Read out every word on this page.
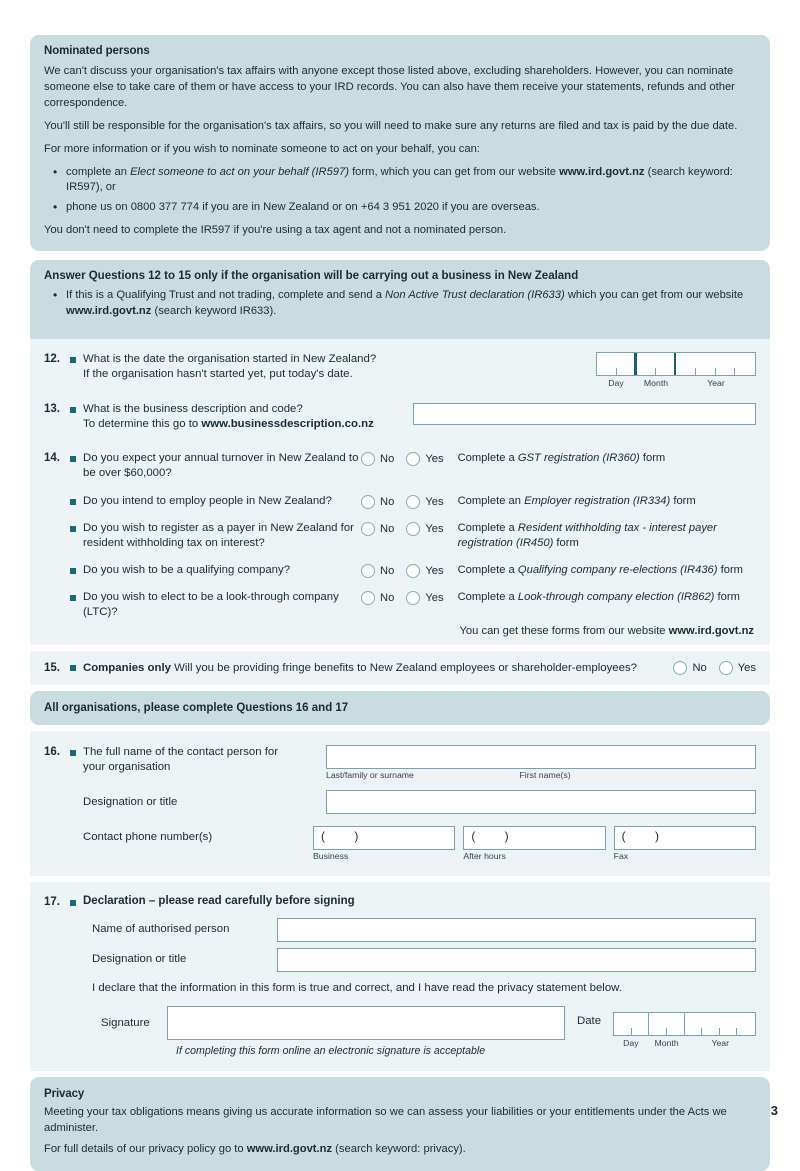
Nominated persons

We can't discuss your organisation's tax affairs with anyone except those listed above, excluding shareholders. However, you can nominate someone else to take care of them or have access to your IRD records. You can also have them receive your statements, refunds and other correspondence.

You'll still be responsible for the organisation's tax affairs, so you will need to make sure any returns are filed and tax is paid by the due date.

For more information or if you wish to nominate someone to act on your behalf, you can:

• complete an Elect someone to act on your behalf (IR597) form, which you can get from our website www.ird.govt.nz (search keyword: IR597), or
• phone us on 0800 377 774 if you are in New Zealand or on +64 3 951 2020 if you are overseas.

You don't need to complete the IR597 if you're using a tax agent and not a nominated person.

Answer Questions 12 to 15 only if the organisation will be carrying out a business in New Zealand
• If this is a Qualifying Trust and not trading, complete and send a Non Active Trust declaration (IR633) which you can get from our website www.ird.govt.nz (search keyword IR633).
12.	What is the date the organisation started in New Zealand?
If the organisation hasn't started yet, put today's date.
Day	Month	Year
13.	What is the business description and code?
To determine this go to www.businessdescription.co.nz
14.	Do you expect your annual turnover in New Zealand to be over $60,000?
No	Yes Complete a GST registration (IR360) form
Do you intend to employ people in New Zealand?	No	Yes Complete an Employer registration (IR334) form
Do you wish to register as a payer in New Zealand for resident withholding tax on interest?
No	Yes Complete a Resident withholding tax - interest payer registration (IR450) form
Do you wish to be a qualifying company?	No	Yes Complete a Qualifying company re-elections (IR436) form
Do you wish to elect to be a look-through company (LTC)?
No	Yes Complete a Look-through company election (IR862) form
You can get these forms from our website www.ird.govt.nz
15.	Companies only Will you be providing fringe benefits to New Zealand employees or shareholder-employees?	No	Yes
All organisations, please complete Questions 16 and 17
16.	The full name of the contact person for
your organisation
Last/family or surname	First name(s)
Designation or title
Contact phone number(s)	( )
Business
( )
After hours
( )
Fax
17.	Declaration – please read carefully before signing
Name of authorised person
Designation or title
I declare that the information in this form is true and correct, and I have read the privacy statement below.
Signature
If completing this form online an electronic signature is acceptable
Date
Day	Month	Year
Privacy

Meeting your tax obligations means giving us accurate information so we can assess your liabilities or your entitlements under the Acts we administer.

For full details of our privacy policy go to www.ird.govt.nz (search keyword: privacy).

3
